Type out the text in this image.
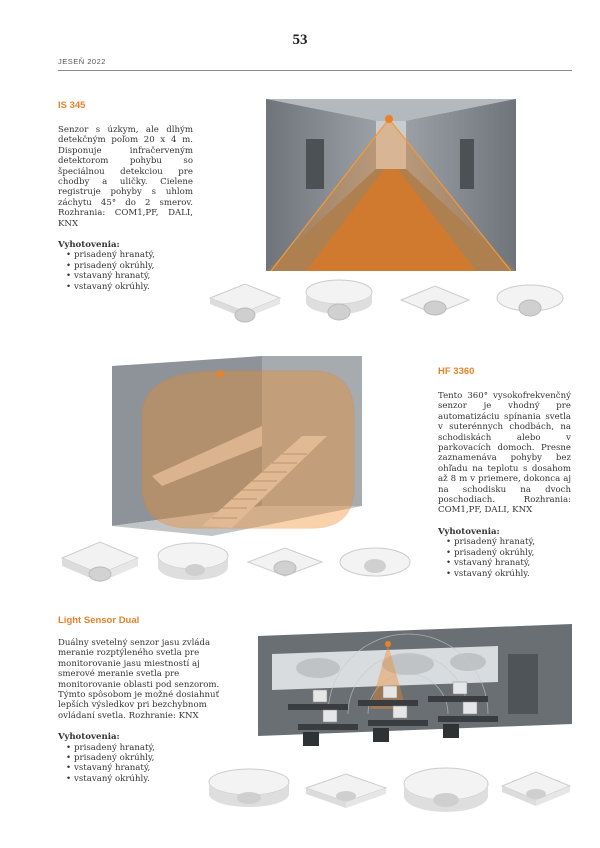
53
JESEŇ 2022
IS 345

Senzor s úzkym, ale dlhým detekčným poľom 20 x 4 m. Disponuje infračerveným detektorom pohybu so špeciálnou detekciou pre chodby a uličky. Cielene registruje pohyby s uhlom záchytu 45° do 2 smerov. Rozhrania: COM1,PF, DALI, KNX

Vyhotovenia:
• prisadený hranatý,
• prisadený okrúhly,
• vstavaný hranatý,
• vstavaný okrúhly.
HF 3360

Tento 360° vysokofrekvenčný senzor je vhodný pre automatizáciu spínania svetla v suterénnych chodbách, na schodiskách alebo v parkovacích domoch. Presne zaznamenáva pohyby bez ohľadu na teplotu s dosahom až 8 m v priemere, dokonca aj na schodisku na dvoch poschodiach. Rozhrania: COM1,PF, DALI, KNX

Vyhotovenia:
• prisadený hranatý,
• prisadený okrúhly,
• vstavaný hranatý,
• vstavaný okrúhly.
Light Sensor Dual

Duálny svetelný senzor jasu zvláda meranie rozptýleného svetla pre monitorovanie jasu miestností aj smerové meranie svetla pre monitorovanie oblasti pod senzorom. Týmto spôsobom je možné dosiahnuť lepších výsledkov pri bezchybnom ovládaní svetla. Rozhranie: KNX

Vyhotovenia:
• prisadený hranatý,
• prisadený okrúhly,
• vstavaný hranatý,
• vstavaný okrúhly.
